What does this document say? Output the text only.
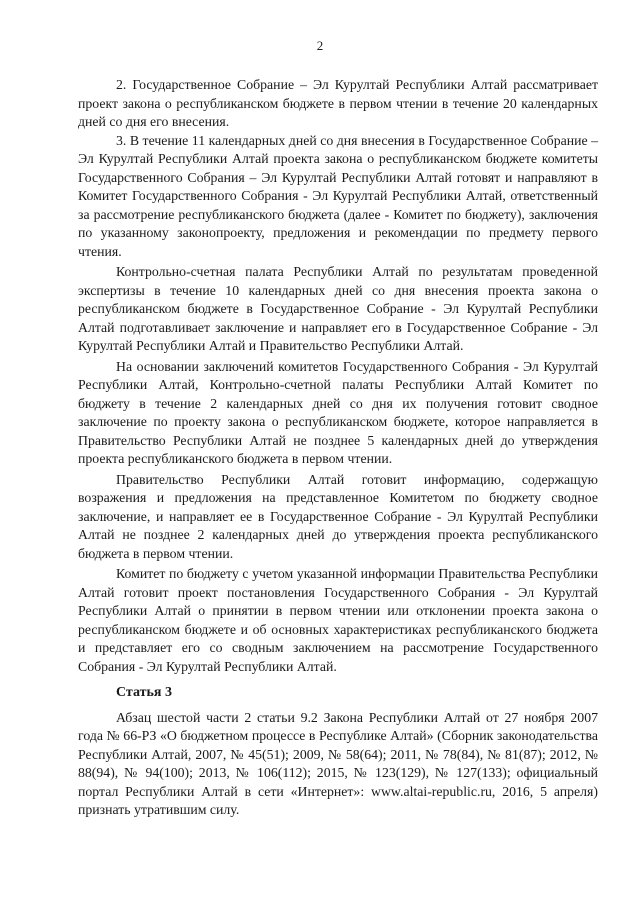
2

2. Государственное Собрание – Эл Курултай Республики Алтай рассматривает проект закона о республиканском бюджете в первом чтении в течение 20 календарных дней со дня его внесения.

3. В течение 11 календарных дней со дня внесения в Государственное Собрание – Эл Курултай Республики Алтай проекта закона о республиканском бюджете комитеты Государственного Собрания – Эл Курултай Республики Алтай готовят и направляют в Комитет Государственного Собрания - Эл Курултай Республики Алтай, ответственный за рассмотрение республиканского бюджета (далее - Комитет по бюджету), заключения по указанному законопроекту, предложения и рекомендации по предмету первого чтения.

Контрольно-счетная палата Республики Алтай по результатам проведенной экспертизы в течение 10 календарных дней со дня внесения проекта закона о республиканском бюджете в Государственное Собрание - Эл Курултай Республики Алтай подготавливает заключение и направляет его в Государственное Собрание - Эл Курултай Республики Алтай и Правительство Республики Алтай.

На основании заключений комитетов Государственного Собрания - Эл Курултай Республики Алтай, Контрольно-счетной палаты Республики Алтай Комитет по бюджету в течение 2 календарных дней со дня их получения готовит сводное заключение по проекту закона о республиканском бюджете, которое направляется в Правительство Республики Алтай не позднее 5 календарных дней до утверждения проекта республиканского бюджета в первом чтении.

Правительство Республики Алтай готовит информацию, содержащую возражения и предложения на представленное Комитетом по бюджету сводное заключение, и направляет ее в Государственное Собрание - Эл Курултай Республики Алтай не позднее 2 календарных дней до утверждения проекта республиканского бюджета в первом чтении.

Комитет по бюджету с учетом указанной информации Правительства Республики Алтай готовит проект постановления Государственного Собрания - Эл Курултай Республики Алтай о принятии в первом чтении или отклонении проекта закона о республиканском бюджете и об основных характеристиках республиканского бюджета и представляет его со сводным заключением на рассмотрение Государственного Собрания - Эл Курултай Республики Алтай.

Статья 3

Абзац шестой части 2 статьи 9.2 Закона Республики Алтай от 27 ноября 2007 года № 66-РЗ «О бюджетном процессе в Республике Алтай» (Сборник законодательства Республики Алтай, 2007, № 45(51); 2009, № 58(64); 2011, № 78(84), № 81(87); 2012, № 88(94), № 94(100); 2013, № 106(112); 2015, № 123(129), № 127(133); официальный портал Республики Алтай в сети «Интернет»: www.altai-republic.ru, 2016, 5 апреля) признать утратившим силу.
